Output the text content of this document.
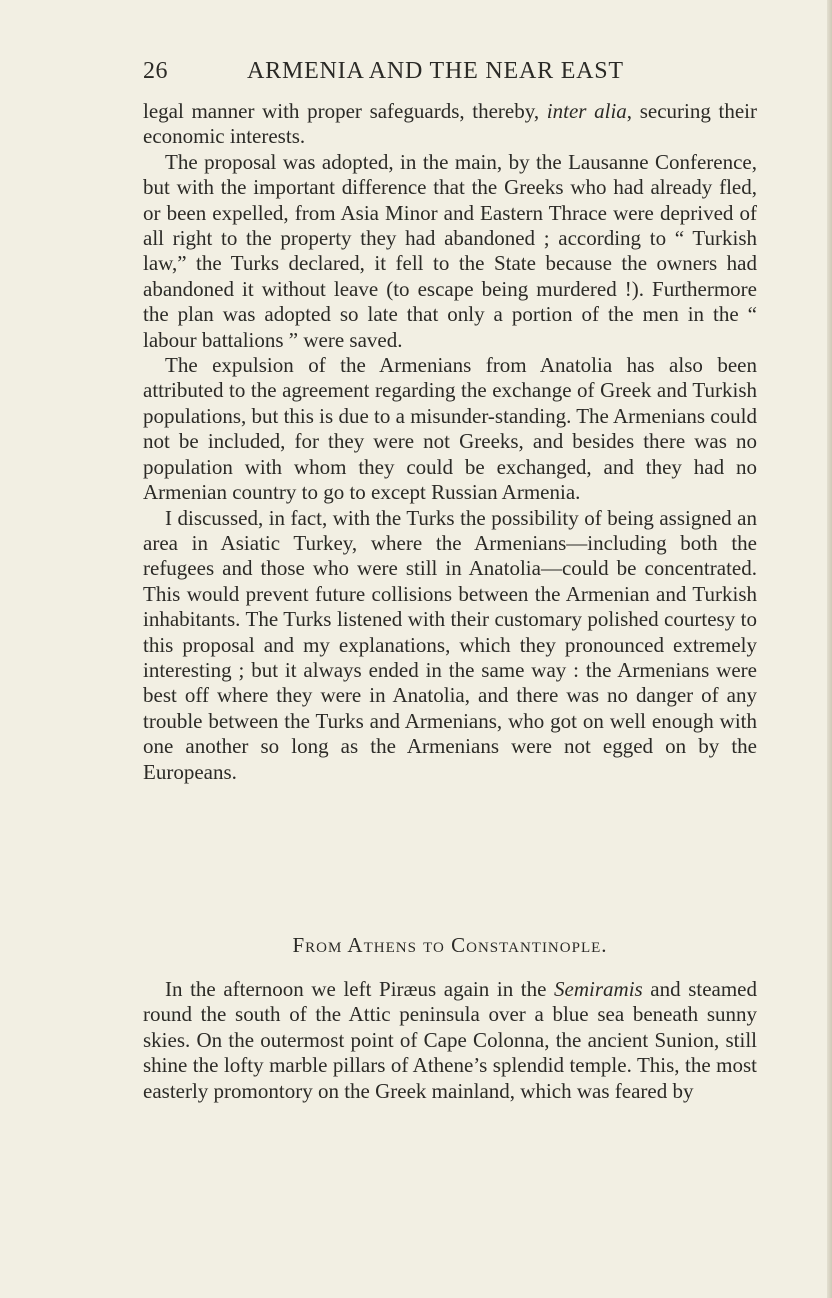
26	ARMENIA AND THE NEAR EAST

legal manner with proper safeguards, thereby, inter alia, securing their economic interests.

The proposal was adopted, in the main, by the Lausanne Conference, but with the important difference that the Greeks who had already fled, or been expelled, from Asia Minor and Eastern Thrace were deprived of all right to the property they had abandoned ; according to “ Turkish law,” the Turks declared, it fell to the State because the owners had abandoned it without leave (to escape being murdered !). Furthermore the plan was adopted so late that only a portion of the men in the “ labour battalions ” were saved.

The expulsion of the Armenians from Anatolia has also been attributed to the agreement regarding the exchange of Greek and Turkish populations, but this is due to a misunder-standing. The Armenians could not be included, for they were not Greeks, and besides there was no population with whom they could be exchanged, and they had no Armenian country to go to except Russian Armenia.

I discussed, in fact, with the Turks the possibility of being assigned an area in Asiatic Turkey, where the Armenians—including both the refugees and those who were still in Anatolia—could be concentrated. This would prevent future collisions between the Armenian and Turkish inhabitants. The Turks listened with their customary polished courtesy to this proposal and my explanations, which they pronounced extremely interesting ; but it always ended in the same way : the Armenians were best off where they were in Anatolia, and there was no danger of any trouble between the Turks and Armenians, who got on well enough with one another so long as the Armenians were not egged on by the Europeans.

From Athens to Constantinople.

In the afternoon we left Piræus again in the Semiramis and steamed round the south of the Attic peninsula over a blue sea beneath sunny skies. On the outermost point of Cape Colonna, the ancient Sunion, still shine the lofty marble pillars of Athene’s splendid temple. This, the most easterly promontory on the Greek mainland, which was feared by
